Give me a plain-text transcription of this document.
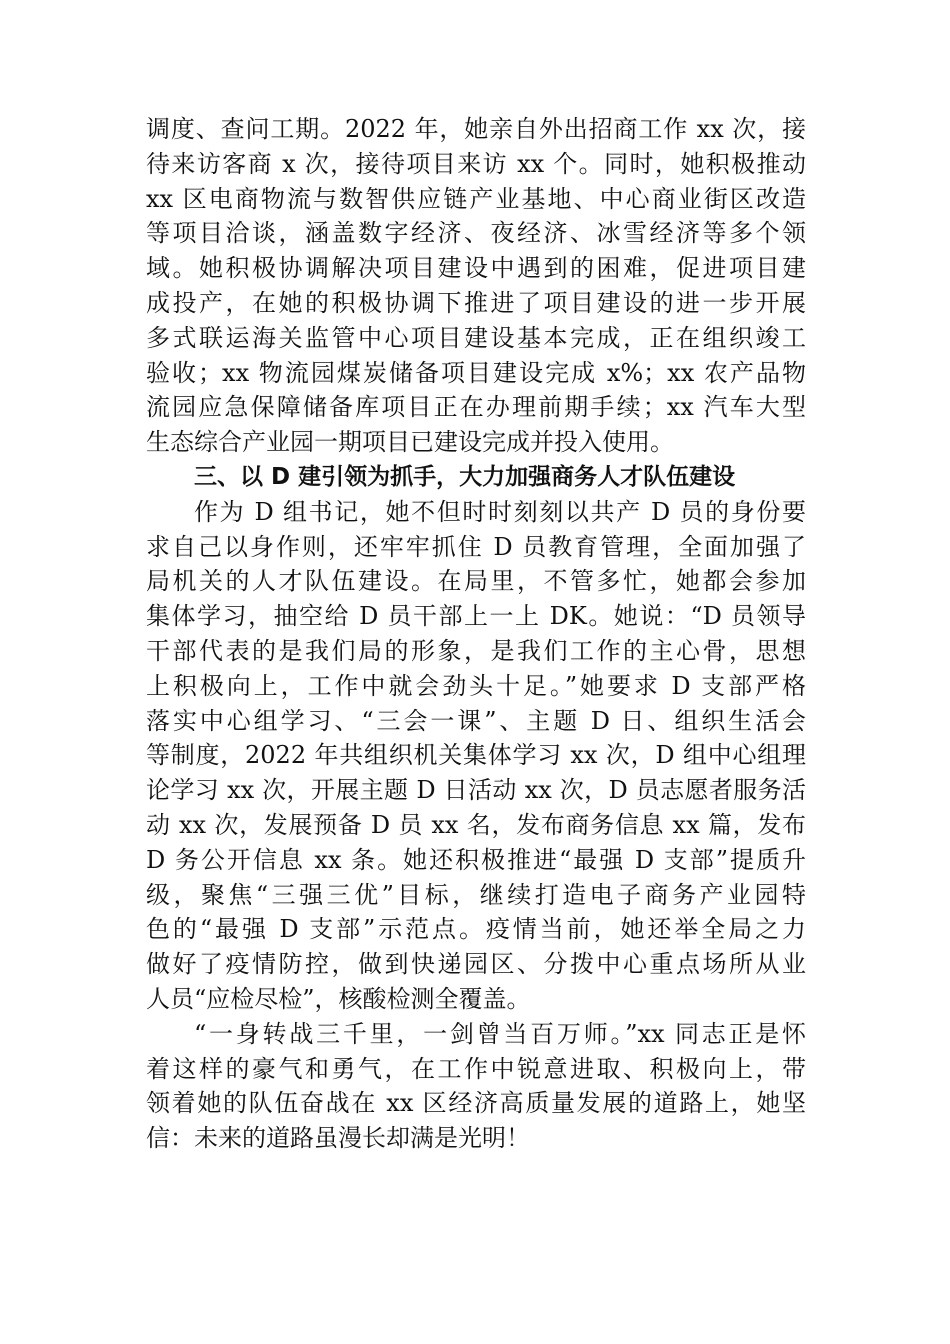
调度、查问工期。2022 年，她亲自外出招商工作 xx 次，接
待来访客商 x 次，接待项目来访 xx 个。同时，她积极推动
xx 区电商物流与数智供应链产业基地、中心商业街区改造
等项目洽谈，涵盖数字经济、夜经济、冰雪经济等多个领
域。她积极协调解决项目建设中遇到的困难，促进项目建
成投产，在她的积极协调下推进了项目建设的进一步开展
多式联运海关监管中心项目建设基本完成，正在组织竣工
验收；xx 物流园煤炭储备项目建设完成 x%；xx 农产品物
流园应急保障储备库项目正在办理前期手续；xx 汽车大型
生态综合产业园一期项目已建设完成并投入使用。
三、以 D 建引领为抓手，大力加强商务人才队伍建设
作为 D 组书记，她不但时时刻刻以共产 D 员的身份要
求自己以身作则，还牢牢抓住 D 员教育管理，全面加强了
局机关的人才队伍建设。在局里，不管多忙，她都会参加
集体学习，抽空给 D 员干部上一上 DK。她说：“D 员领导
干部代表的是我们局的形象，是我们工作的主心骨，思想
上积极向上，工作中就会劲头十足。”她要求 D 支部严格
落实中心组学习、“三会一课”、主题 D 日、组织生活会
等制度，2022 年共组织机关集体学习 xx 次，D 组中心组理
论学习 xx 次，开展主题 D 日活动 xx 次，D 员志愿者服务活
动 xx 次，发展预备 D 员 xx 名，发布商务信息 xx 篇，发布
D 务公开信息 xx 条。她还积极推进“最强 D 支部”提质升
级，聚焦“三强三优”目标，继续打造电子商务产业园特
色的“最强 D 支部”示范点。疫情当前，她还举全局之力
做好了疫情防控，做到快递园区、分拨中心重点场所从业
人员“应检尽检”，核酸检测全覆盖。
“一身转战三千里，一剑曾当百万师。”xx 同志正是怀
着这样的豪气和勇气，在工作中锐意进取、积极向上，带
领着她的队伍奋战在 xx 区经济高质量发展的道路上，她坚
信：未来的道路虽漫长却满是光明！
